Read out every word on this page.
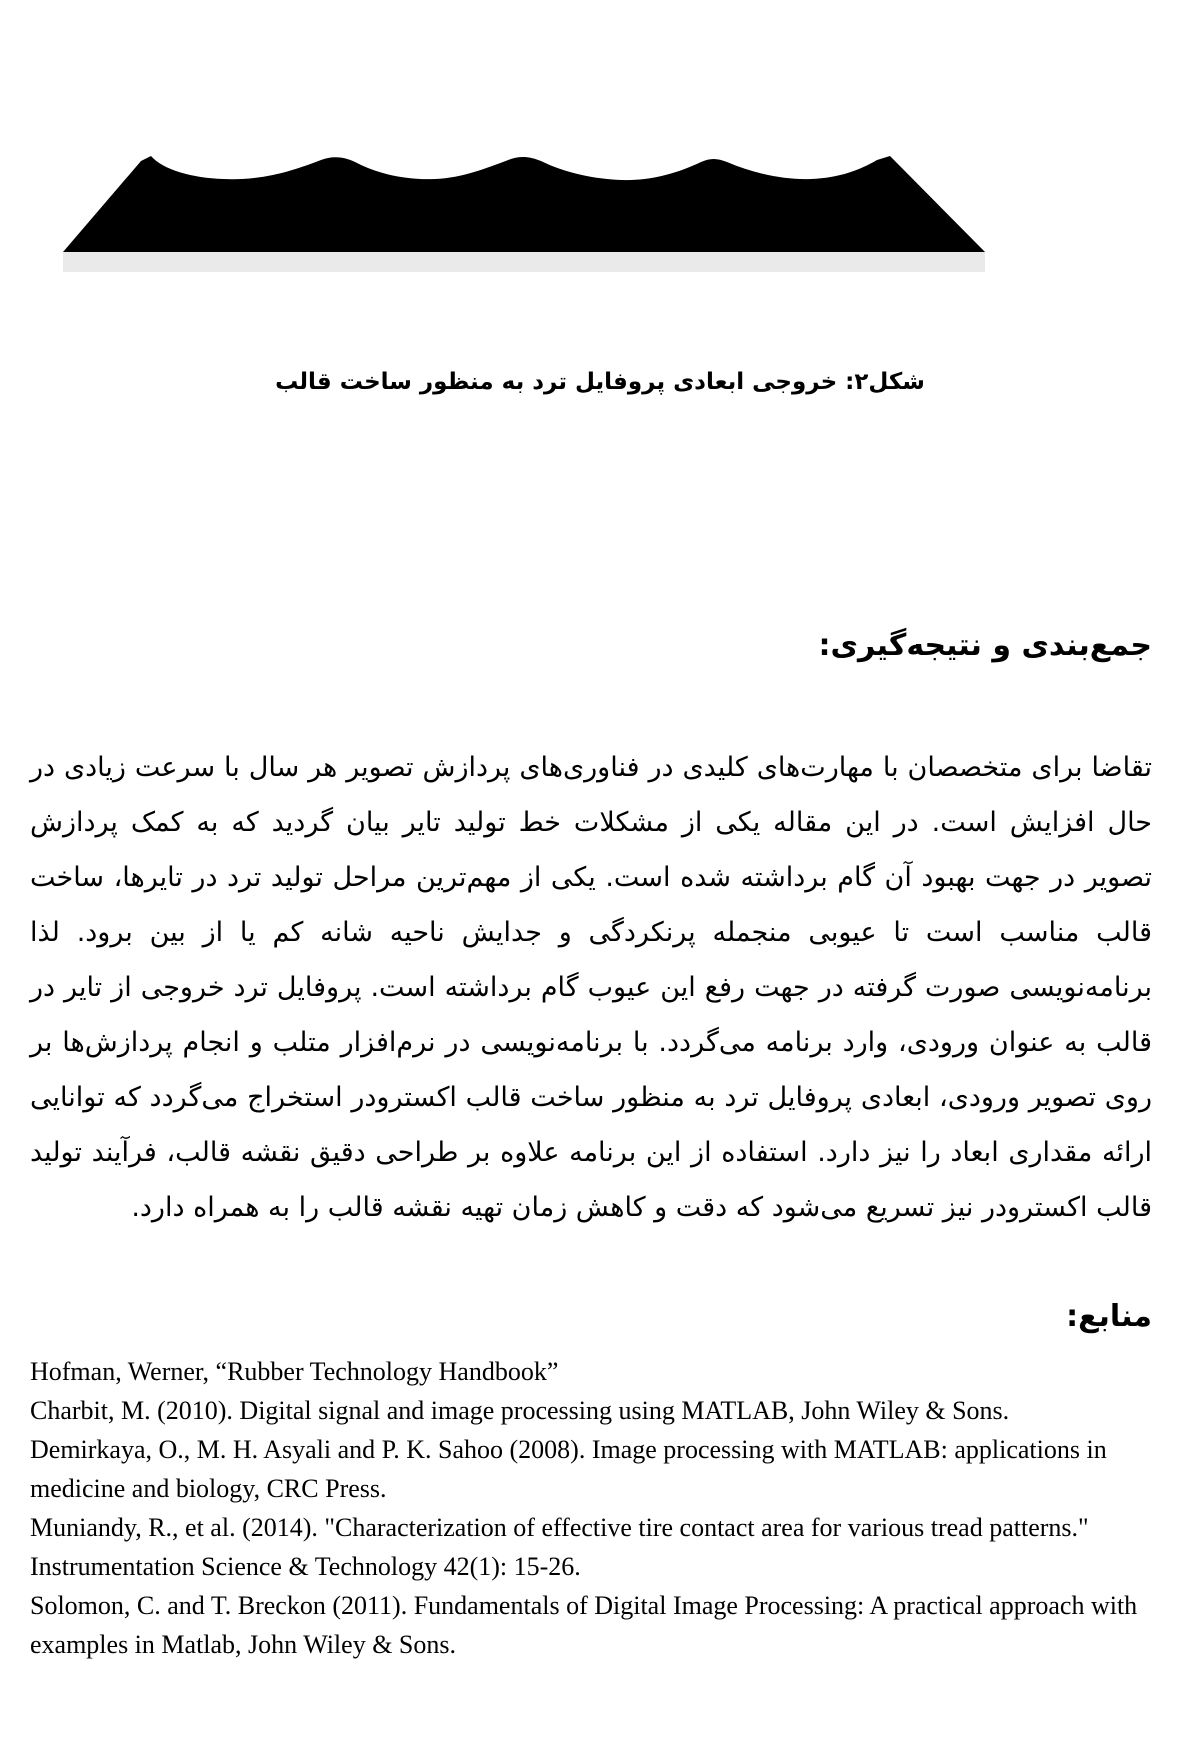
شکل۲: خروجی ابعادی پروفایل ترد به منظور ساخت قالب
جمع‌بندی و نتیجه‌گیری:
تقاضا برای متخصصان با مهارت‌های کلیدی در فناوری‌های پردازش تصویر هر سال با سرعت زیادی در حال افزایش است. در این مقاله یکی از مشکلات خط تولید تایر بیان گردید که به کمک پردازش تصویر در جهت بهبود آن گام برداشته شده است. یکی از مهم‌ترین مراحل تولید ترد در تایرها، ساخت قالب مناسب است تا عیوبی منجمله پرنکردگی و جدایش ناحیه شانه کم یا از بین برود. لذا برنامه‌نویسی صورت گرفته در جهت رفع این عیوب گام برداشته است. پروفایل ترد خروجی از تایر در قالب به عنوان ورودی، وارد برنامه می‌گردد. با برنامه‌نویسی در نرم‌افزار متلب و انجام پردازش‌ها بر روی تصویر ورودی، ابعادی پروفایل ترد به منظور ساخت قالب اکسترودر استخراج می‌گردد که توانایی ارائه مقداری ابعاد را نیز دارد. استفاده از این برنامه علاوه بر طراحی دقیق نقشه قالب، فرآیند تولید قالب اکسترودر نیز تسریع می‌شود که دقت و کاهش زمان تهیه نقشه قالب را به همراه دارد.
منابع:

Hofman, Werner, “Rubber Technology Handbook”

Charbit, M. (2010). Digital signal and image processing using MATLAB, John Wiley & Sons.

Demirkaya, O., M. H. Asyali and P. K. Sahoo (2008). Image processing with MATLAB: applications in medicine and biology, CRC Press.

Muniandy, R., et al. (2014). "Characterization of effective tire contact area for various tread patterns." Instrumentation Science & Technology 42(1): 15-26.

Solomon, C. and T. Breckon (2011). Fundamentals of Digital Image Processing: A practical approach with examples in Matlab, John Wiley & Sons.
